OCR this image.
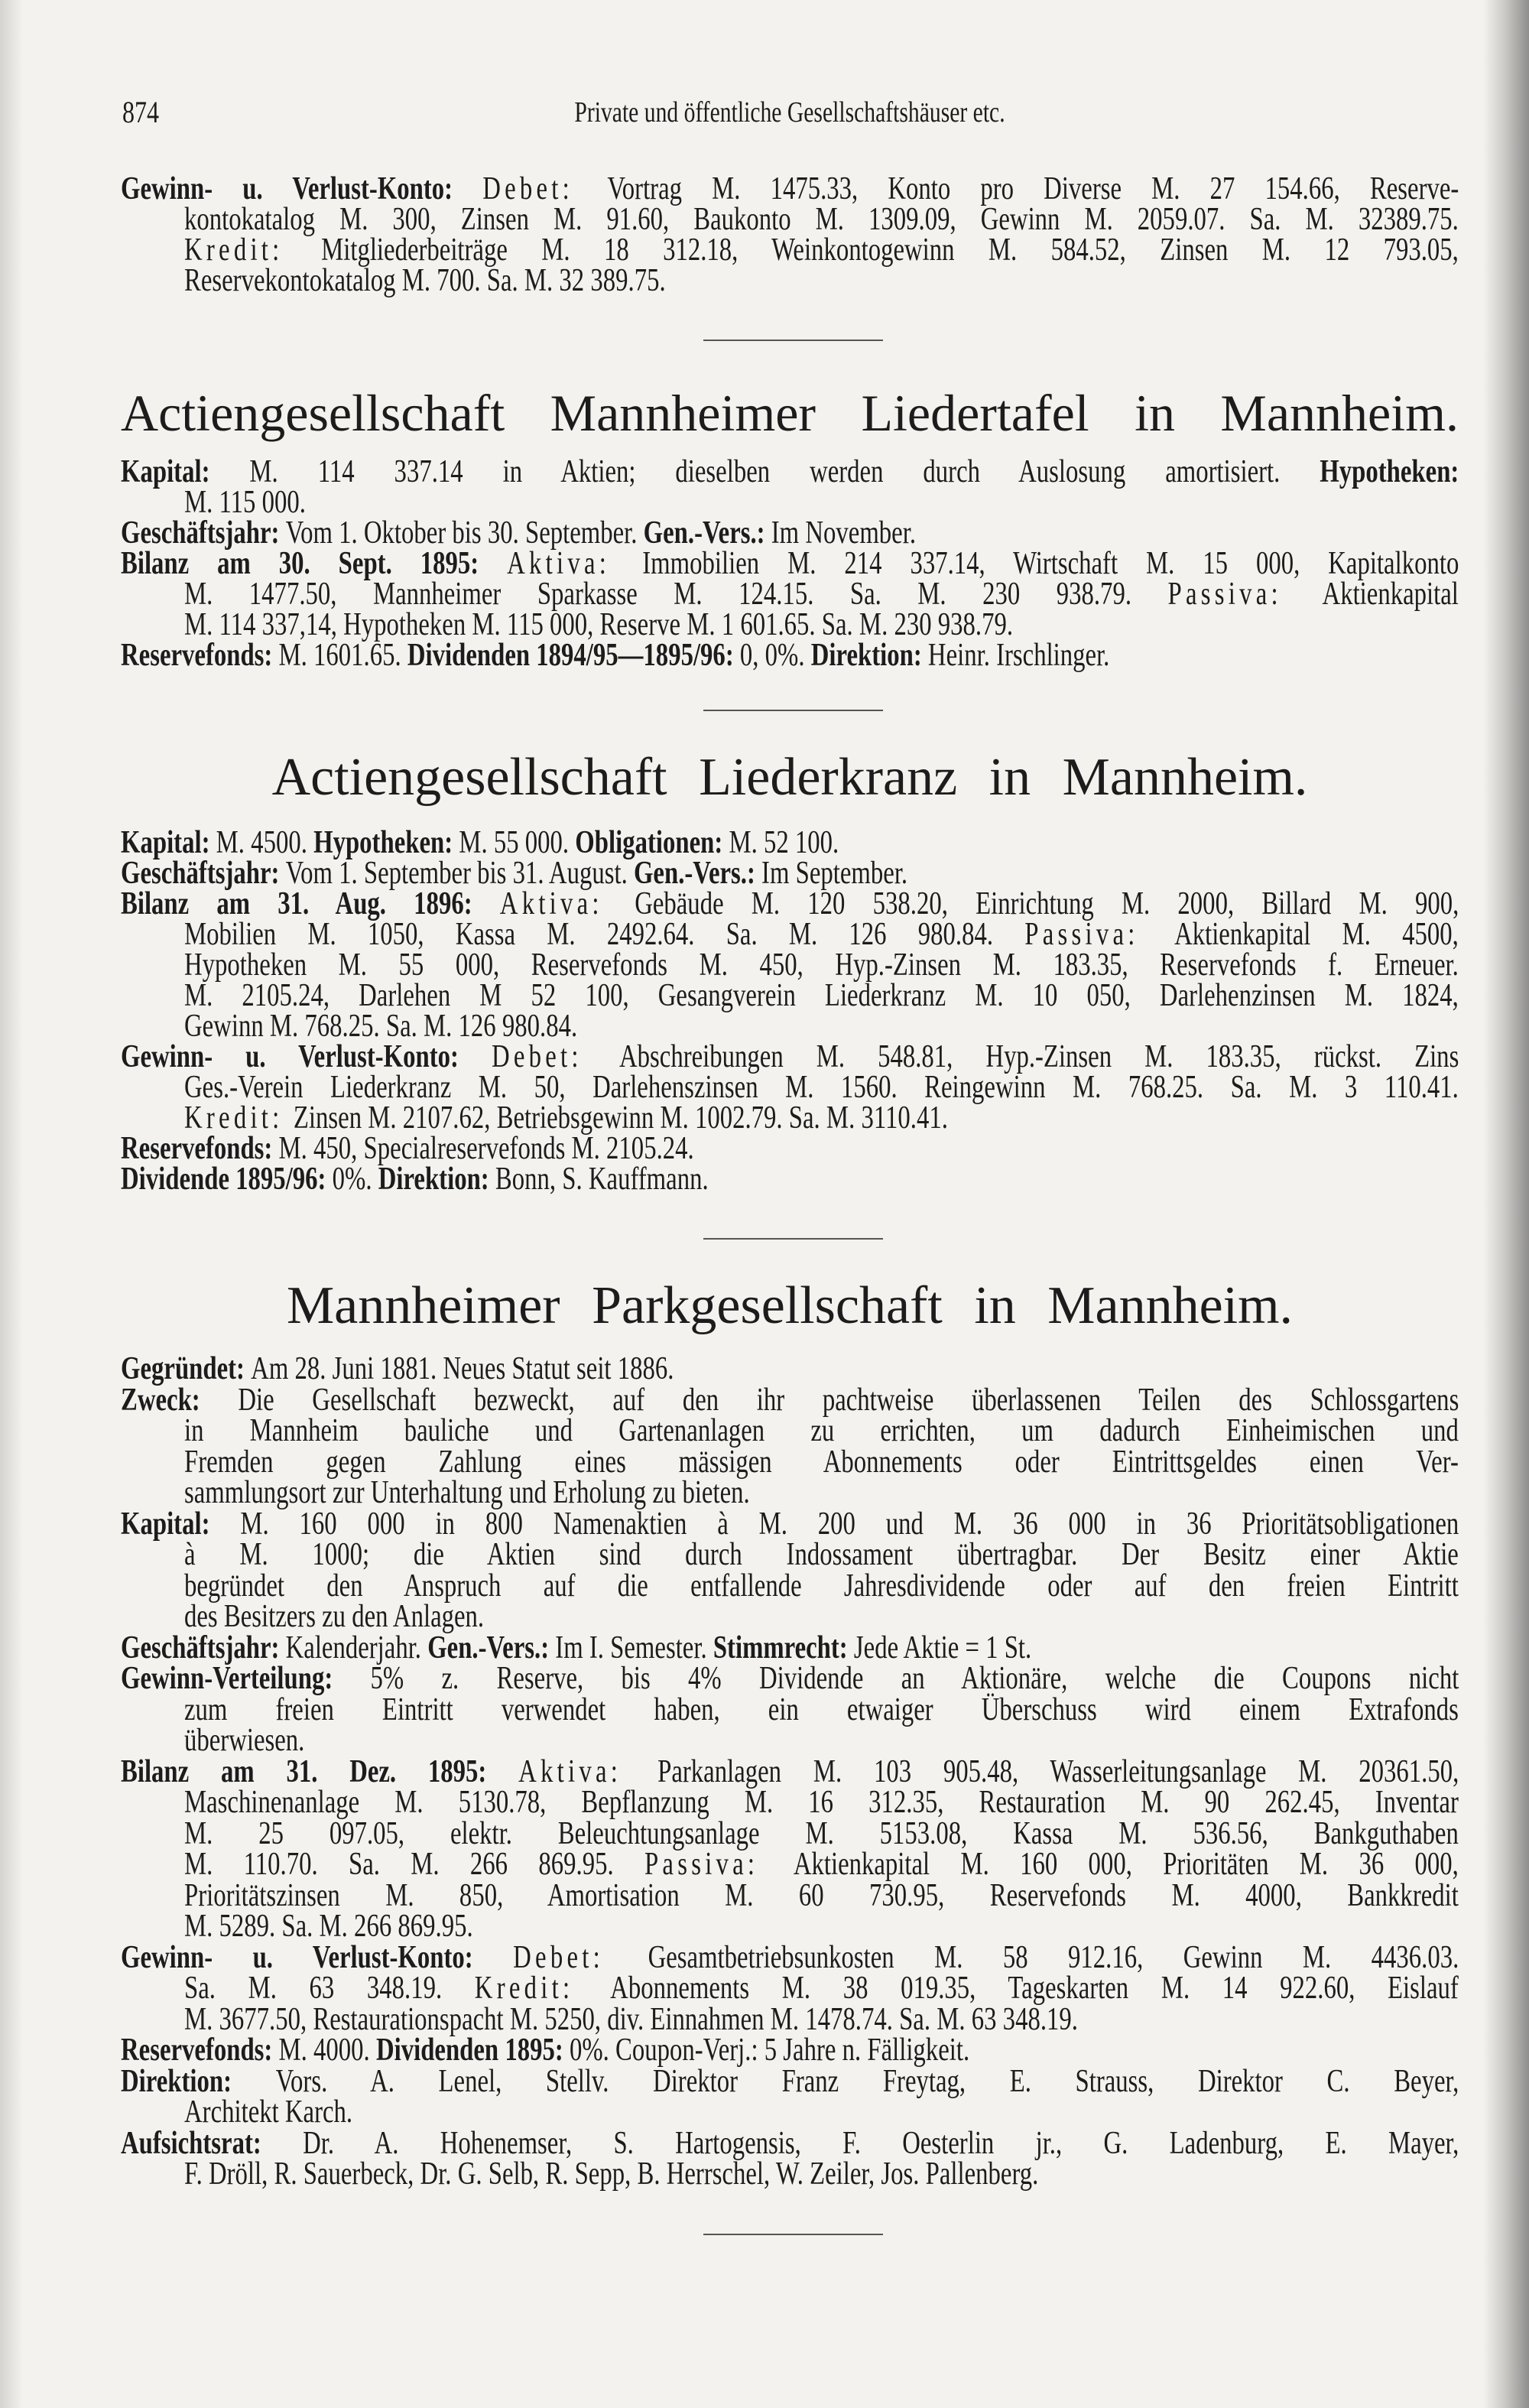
874	Private und öffentliche Gesellschaftshäuser etc.
Gewinn- u. Verlust-Konto: Debet: Vortrag M. 1475.33, Konto pro Diverse M. 27 154.66, Reserve-
kontokatalog M. 300, Zinsen M. 91.60, Baukonto M. 1309.09, Gewinn M. 2059.07. Sa. M. 32389.75.
Kredit: Mitgliederbeiträge M. 18 312.18, Weinkontogewinn M. 584.52, Zinsen M. 12 793.05,
Reservekontokatalog M. 700. Sa. M. 32 389.75.
Actiengesellschaft Mannheimer Liedertafel in Mannheim.
Kapital: M. 114 337.14 in Aktien; dieselben werden durch Auslosung amortisiert. Hypotheken:
M. 115 000.
Geschäftsjahr: Vom 1. Oktober bis 30. September. Gen.-Vers.: Im November.
Bilanz am 30. Sept. 1895: Aktiva: Immobilien M. 214 337.14, Wirtschaft M. 15 000, Kapitalkonto
M. 1477.50, Mannheimer Sparkasse M. 124.15. Sa. M. 230 938.79. Passiva: Aktienkapital
M. 114 337,14, Hypotheken M. 115 000, Reserve M. 1 601.65. Sa. M. 230 938.79.
Reservefonds: M. 1601.65. Dividenden 1894/95—1895/96: 0, 0%. Direktion: Heinr. Irschlinger.
Actiengesellschaft Liederkranz in Mannheim.
Kapital: M. 4500. Hypotheken: M. 55 000. Obligationen: M. 52 100.
Geschäftsjahr: Vom 1. September bis 31. August. Gen.-Vers.: Im September.
Bilanz am 31. Aug. 1896: Aktiva: Gebäude M. 120 538.20, Einrichtung M. 2000, Billard M. 900,
Mobilien M. 1050, Kassa M. 2492.64. Sa. M. 126 980.84. Passiva: Aktienkapital M. 4500,
Hypotheken M. 55 000, Reservefonds M. 450, Hyp.-Zinsen M. 183.35, Reservefonds f. Erneuer.
M. 2105.24, Darlehen M 52 100, Gesangverein Liederkranz M. 10 050, Darlehenzinsen M. 1824,
Gewinn M. 768.25. Sa. M. 126 980.84.
Gewinn- u. Verlust-Konto: Debet: Abschreibungen M. 548.81, Hyp.-Zinsen M. 183.35, rückst. Zins
Ges.-Verein Liederkranz M. 50, Darlehenszinsen M. 1560. Reingewinn M. 768.25. Sa. M. 3 110.41.
Kredit: Zinsen M. 2107.62, Betriebsgewinn M. 1002.79. Sa. M. 3110.41.
Reservefonds: M. 450, Specialreservefonds M. 2105.24.
Dividende 1895/96: 0%. Direktion: Bonn, S. Kauffmann.
Mannheimer Parkgesellschaft in Mannheim.
Gegründet: Am 28. Juni 1881. Neues Statut seit 1886.
Zweck: Die Gesellschaft bezweckt, auf den ihr pachtweise überlassenen Teilen des Schlossgartens
in Mannheim bauliche und Gartenanlagen zu errichten, um dadurch Einheimischen und
Fremden gegen Zahlung eines mässigen Abonnements oder Eintrittsgeldes einen Ver-
sammlungsort zur Unterhaltung und Erholung zu bieten.
Kapital: M. 160 000 in 800 Namenaktien à M. 200 und M. 36 000 in 36 Prioritätsobligationen
à M. 1000; die Aktien sind durch Indossament übertragbar. Der Besitz einer Aktie
begründet den Anspruch auf die entfallende Jahresdividende oder auf den freien Eintritt
des Besitzers zu den Anlagen.
Geschäftsjahr: Kalenderjahr. Gen.-Vers.: Im I. Semester. Stimmrecht: Jede Aktie = 1 St.
Gewinn-Verteilung: 5% z. Reserve, bis 4% Dividende an Aktionäre, welche die Coupons nicht
zum freien Eintritt verwendet haben, ein etwaiger Überschuss wird einem Extrafonds
überwiesen.
Bilanz am 31. Dez. 1895: Aktiva: Parkanlagen M. 103 905.48, Wasserleitungsanlage M. 20361.50,
Maschinenanlage M. 5130.78, Bepflanzung M. 16 312.35, Restauration M. 90 262.45, Inventar
M. 25 097.05, elektr. Beleuchtungsanlage M. 5153.08, Kassa M. 536.56, Bankguthaben
M. 110.70. Sa. M. 266 869.95. Passiva: Aktienkapital M. 160 000, Prioritäten M. 36 000,
Prioritätszinsen M. 850, Amortisation M. 60 730.95, Reservefonds M. 4000, Bankkredit
M. 5289. Sa. M. 266 869.95.
Gewinn- u. Verlust-Konto: Debet: Gesamtbetriebsunkosten M. 58 912.16, Gewinn M. 4436.03.
Sa. M. 63 348.19. Kredit: Abonnements M. 38 019.35, Tageskarten M. 14 922.60, Eislauf
M. 3677.50, Restaurationspacht M. 5250, div. Einnahmen M. 1478.74. Sa. M. 63 348.19.
Reservefonds: M. 4000. Dividenden 1895: 0%. Coupon-Verj.: 5 Jahre n. Fälligkeit.
Direktion: Vors. A. Lenel, Stellv. Direktor Franz Freytag, E. Strauss, Direktor C. Beyer,
Architekt Karch.
Aufsichtsrat: Dr. A. Hohenemser, S. Hartogensis, F. Oesterlin jr., G. Ladenburg, E. Mayer,
F. Dröll, R. Sauerbeck, Dr. G. Selb, R. Sepp, B. Herrschel, W. Zeiler, Jos. Pallenberg.
